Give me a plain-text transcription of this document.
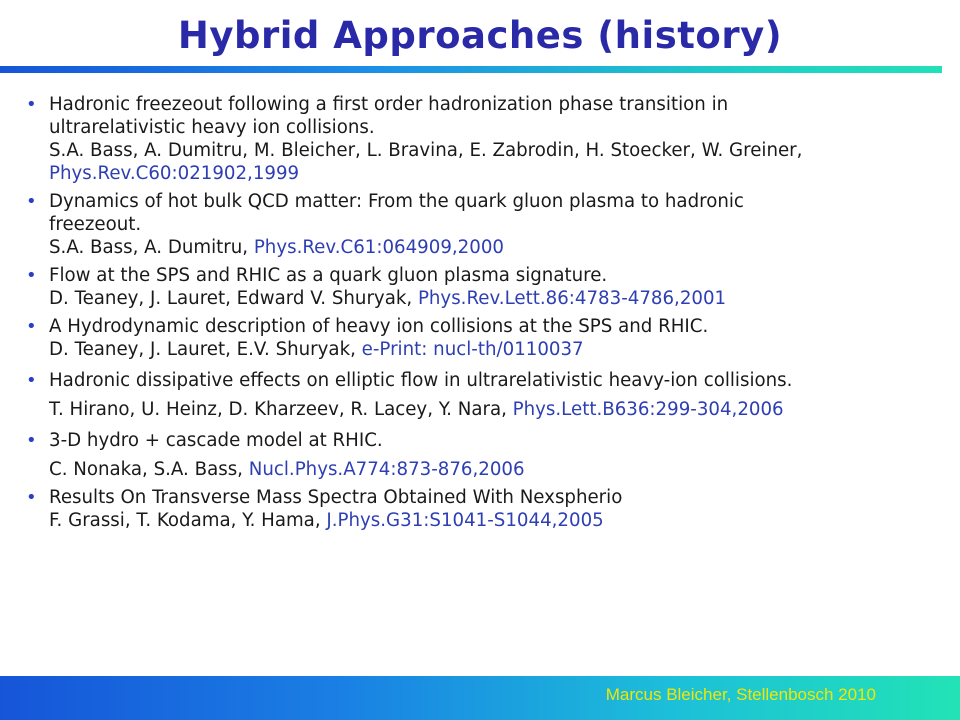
Hybrid Approaches (history)
• Hadronic freezeout following a first order hadronization phase transition in
ultrarelativistic heavy ion collisions.
S.A. Bass, A. Dumitru, M. Bleicher, L. Bravina, E. Zabrodin, H. Stoecker, W. Greiner,
Phys.Rev.C60:021902,1999
• Dynamics of hot bulk QCD matter: From the quark gluon plasma to hadronic
freezeout.
S.A. Bass, A. Dumitru, Phys.Rev.C61:064909,2000
• Flow at the SPS and RHIC as a quark gluon plasma signature.
D. Teaney, J. Lauret, Edward V. Shuryak, Phys.Rev.Lett.86:4783-4786,2001
• A Hydrodynamic description of heavy ion collisions at the SPS and RHIC.
D. Teaney, J. Lauret, E.V. Shuryak, e-Print: nucl-th/0110037
• Hadronic dissipative effects on elliptic flow in ultrarelativistic heavy-ion collisions.
T. Hirano, U. Heinz, D. Kharzeev, R. Lacey, Y. Nara, Phys.Lett.B636:299-304,2006
• 3-D hydro + cascade model at RHIC.
C. Nonaka, S.A. Bass, Nucl.Phys.A774:873-876,2006
• Results On Transverse Mass Spectra Obtained With Nexspherio
F. Grassi, T. Kodama, Y. Hama, J.Phys.G31:S1041-S1044,2005
Marcus Bleicher, Stellenbosch 2010
